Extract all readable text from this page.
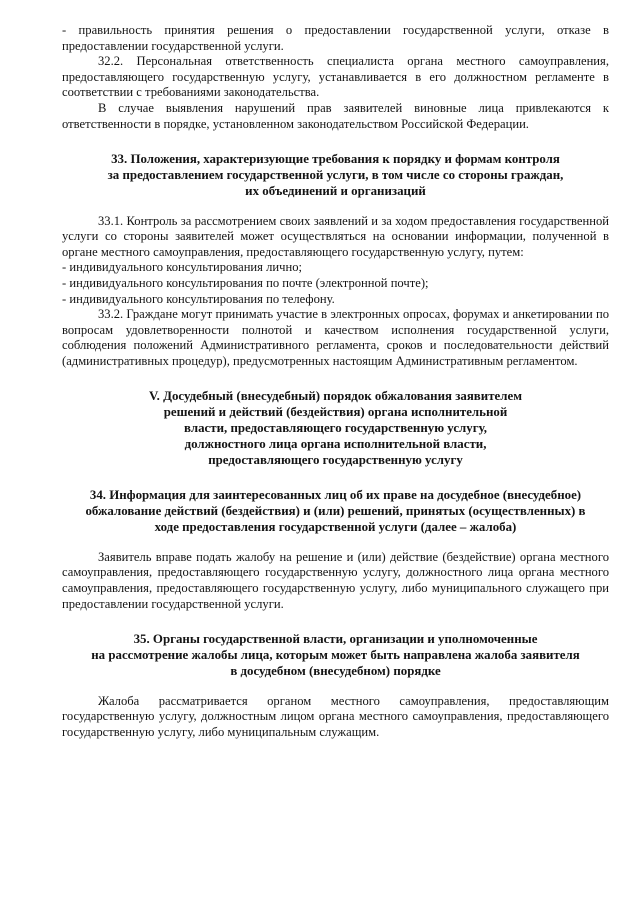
- правильность принятия решения о предоставлении государственной услуги, отказе в предоставлении государственной услуги.

32.2. Персональная ответственность специалиста органа местного самоуправления, предоставляющего государственную услугу, устанавливается в его должностном регламенте в соответствии с требованиями законодательства.

В случае выявления нарушений прав заявителей виновные лица привлекаются к ответственности в порядке, установленном законодательством Российской Федерации.

33. Положения, характеризующие требования к порядку и формам контроля
за предоставлением государственной услуги, в том числе со стороны граждан,
их объединений и организаций

33.1. Контроль за рассмотрением своих заявлений и за ходом предоставления государственной услуги со стороны заявителей может осуществляться на основании информации, полученной в органе местного самоуправления, предоставляющего государственную услугу, путем:

- индивидуального консультирования лично;

- индивидуального консультирования по почте (электронной почте);

- индивидуального консультирования по телефону.

33.2. Граждане могут принимать участие в электронных опросах, форумах и анкетировании по вопросам удовлетворенности полнотой и качеством исполнения государственной услуги, соблюдения положений Административного регламента, сроков и последовательности действий (административных процедур), предусмотренных настоящим Административным регламентом.

V. Досудебный (внесудебный) порядок обжалования заявителем
решений и действий (бездействия) органа исполнительной
власти, предоставляющего государственную услугу,
должностного лица органа исполнительной власти,
предоставляющего государственную услугу
34. Информация для заинтересованных лиц об их праве на досудебное (внесудебное)
обжалование действий (бездействия) и (или) решений, принятых (осуществленных) в
ходе предоставления государственной услуги (далее – жалоба)

Заявитель вправе подать жалобу на решение и (или) действие (бездействие) органа местного самоуправления, предоставляющего государственную услугу, должностного лица органа местного самоуправления, предоставляющего государственную услугу, либо муниципального служащего при предоставлении государственной услуги.

35. Органы государственной власти, организации и уполномоченные
на рассмотрение жалобы лица, которым может быть направлена жалоба заявителя
в досудебном (внесудебном) порядке

Жалоба рассматривается органом местного самоуправления, предоставляющим государственную услугу, должностным лицом органа местного самоуправления, предоставляющего государственную услугу, либо муниципальным служащим.
